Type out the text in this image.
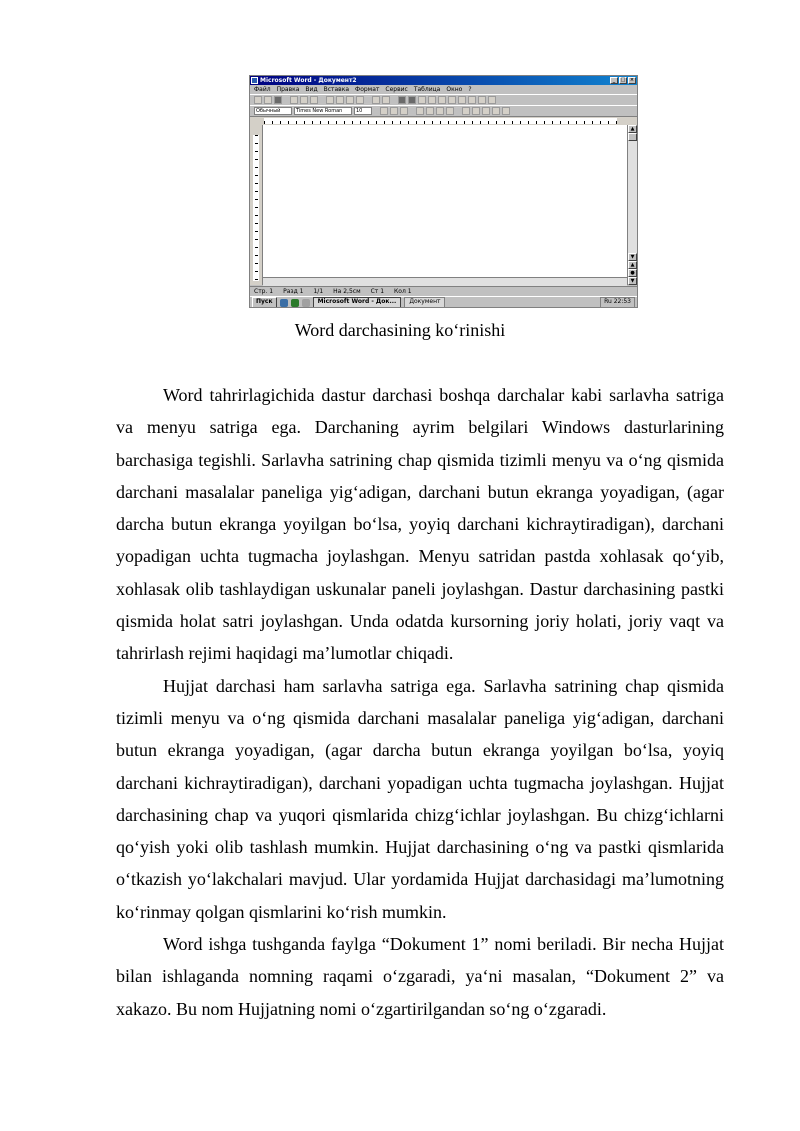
Microsoft Word - Документ2	_	□ ×
Файл Правка Вид Вставка Формат Сервис Таблица Окно ?
Обычный	Times New Roman	10
▲
▼
▲
●
▼
Стр. 1 Разд 1 1/1 На 2,5см Ст 1 Кол 1
Пуск	Microsoft Word - Док...	Документ	Ru 22:53
Word darchasining ko‘rinishi

Word tahrirlagichida dastur darchasi boshqa darchalar kabi sarlavha satriga va menyu satriga ega. Darchaning ayrim belgilari Windows dasturlarining barchasiga tegishli. Sarlavha satrining chap qismida tizimli menyu va o‘ng qismida darchani masalalar paneliga yig‘adigan, darchani butun ekranga yoyadigan, (agar darcha butun ekranga yoyilgan bo‘lsa, yoyiq darchani kichraytiradigan), darchani yopadigan uchta tugmacha joylashgan. Menyu satridan pastda xohlasak qo‘yib, xohlasak olib tashlaydigan uskunalar paneli joylashgan. Dastur darchasining pastki qismida holat satri joylashgan. Unda odatda kursorning joriy holati, joriy vaqt va tahrirlash rejimi haqidagi ma’lumotlar chiqadi.

Hujjat darchasi ham sarlavha satriga ega. Sarlavha satrining chap qismida tizimli menyu va o‘ng qismida darchani masalalar paneliga yig‘adigan, darchani butun ekranga yoyadigan, (agar darcha butun ekranga yoyilgan bo‘lsa, yoyiq darchani kichraytiradigan), darchani yopadigan uchta tugmacha joylashgan. Hujjat darchasining chap va yuqori qismlarida chizg‘ichlar joylashgan. Bu chizg‘ichlarni qo‘yish yoki olib tashlash mumkin. Hujjat darchasining o‘ng va pastki qismlarida o‘tkazish yo‘lakchalari mavjud. Ular yordamida Hujjat darchasidagi ma’lumotning ko‘rinmay qolgan qismlarini ko‘rish mumkin.

Word ishga tushganda faylga “Dokument 1” nomi beriladi. Bir necha Hujjat bilan ishlaganda nomning raqami o‘zgaradi, ya‘ni masalan, “Dokument 2” va xakazo. Bu nom Hujjatning nomi o‘zgartirilgandan so‘ng o‘zgaradi.
